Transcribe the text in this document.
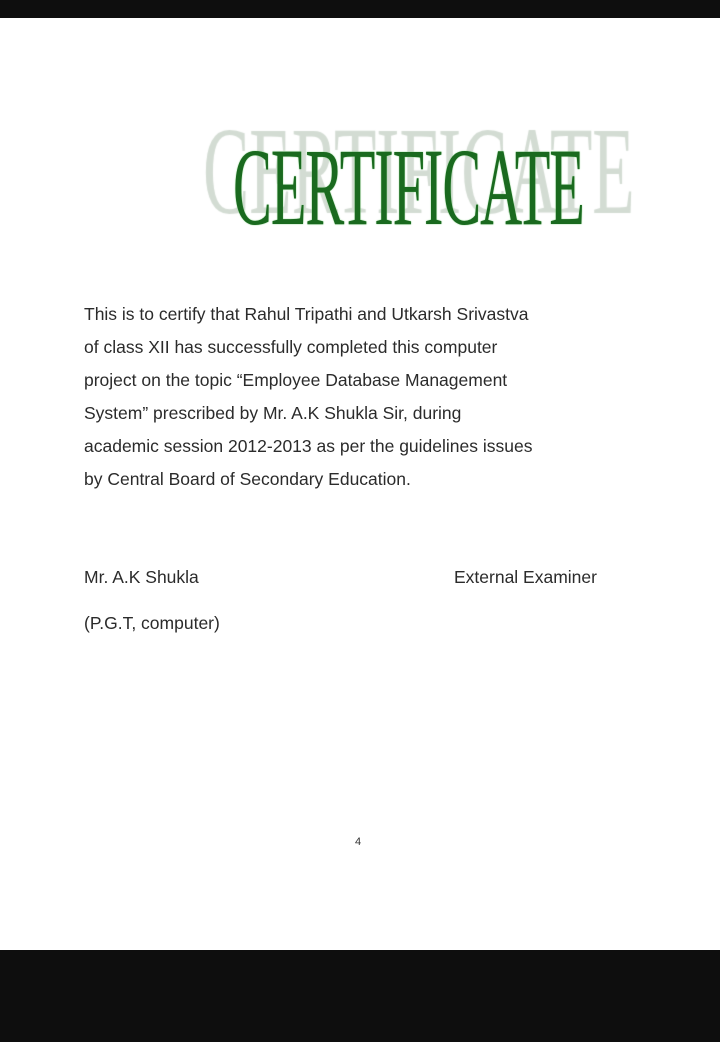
CERTIFICATE
This is to certify that Rahul Tripathi and Utkarsh Srivastva
of class XII has successfully completed this computer
project on the topic “Employee Database Management
System” prescribed by Mr. A.K Shukla Sir, during
academic session 2012-2013 as per the guidelines issues
by Central Board of Secondary Education.
Mr. A.K Shukla
(P.G.T, computer)
External Examiner
4
